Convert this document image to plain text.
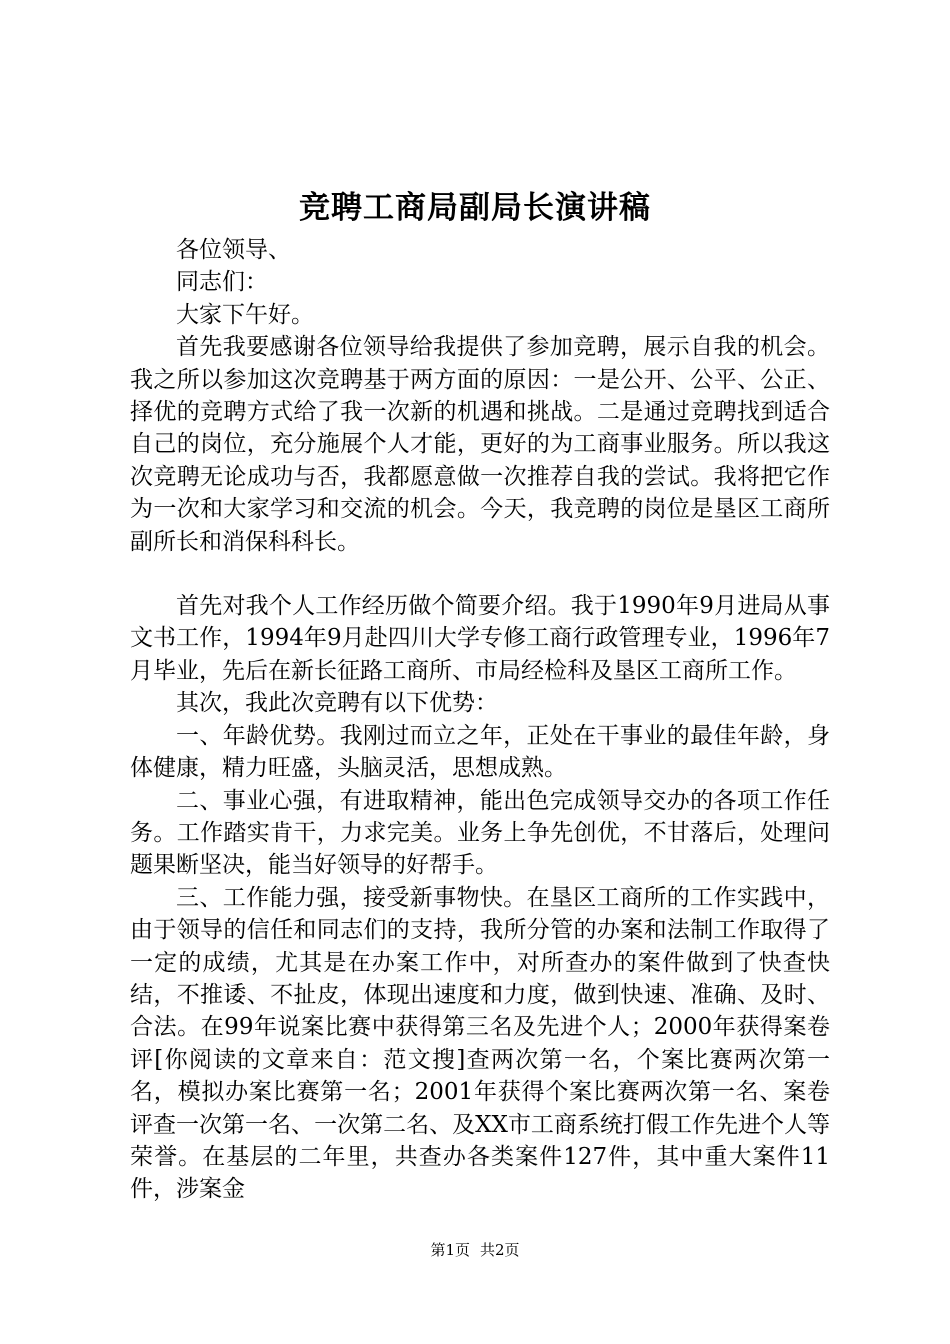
竞聘工商局副局长演讲稿

各位领导、

同志们：

大家下午好。

首先我要感谢各位领导给我提供了参加竞聘，展示自我的机会。我之所以参加这次竞聘基于两方面的原因：一是公开、公平、公正、择优的竞聘方式给了我一次新的机遇和挑战。二是通过竞聘找到适合自己的岗位，充分施展个人才能，更好的为工商事业服务。所以我这次竞聘无论成功与否，我都愿意做一次推荐自我的尝试。我将把它作为一次和大家学习和交流的机会。今天，我竞聘的岗位是垦区工商所副所长和消保科科长。

首先对我个人工作经历做个简要介绍。我于1990年9月进局从事文书工作，1994年9月赴四川大学专修工商行政管理专业，1996年7月毕业，先后在新长征路工商所、市局经检科及垦区工商所工作。

其次，我此次竞聘有以下优势：

一、年龄优势。我刚过而立之年，正处在干事业的最佳年龄，身体健康，精力旺盛，头脑灵活，思想成熟。

二、事业心强，有进取精神，能出色完成领导交办的各项工作任务。工作踏实肯干，力求完美。业务上争先创优，不甘落后，处理问题果断坚决，能当好领导的好帮手。

三、工作能力强，接受新事物快。在垦区工商所的工作实践中，由于领导的信任和同志们的支持，我所分管的办案和法制工作取得了一定的成绩，尤其是在办案工作中，对所查办的案件做到了快查快结，不推诿、不扯皮，体现出速度和力度，做到快速、准确、及时、合法。在99年说案比赛中获得第三名及先进个人；2000年获得案卷评[你阅读的文章来自：范文搜]查两次第一名，个案比赛两次第一名，模拟办案比赛第一名；2001年获得个案比赛两次第一名、案卷评查一次第一名、一次第二名、及XX市工商系统打假工作先进个人等荣誉。在基层的二年里，共查办各类案件127件，其中重大案件11件，涉案金

第1页 共2页
